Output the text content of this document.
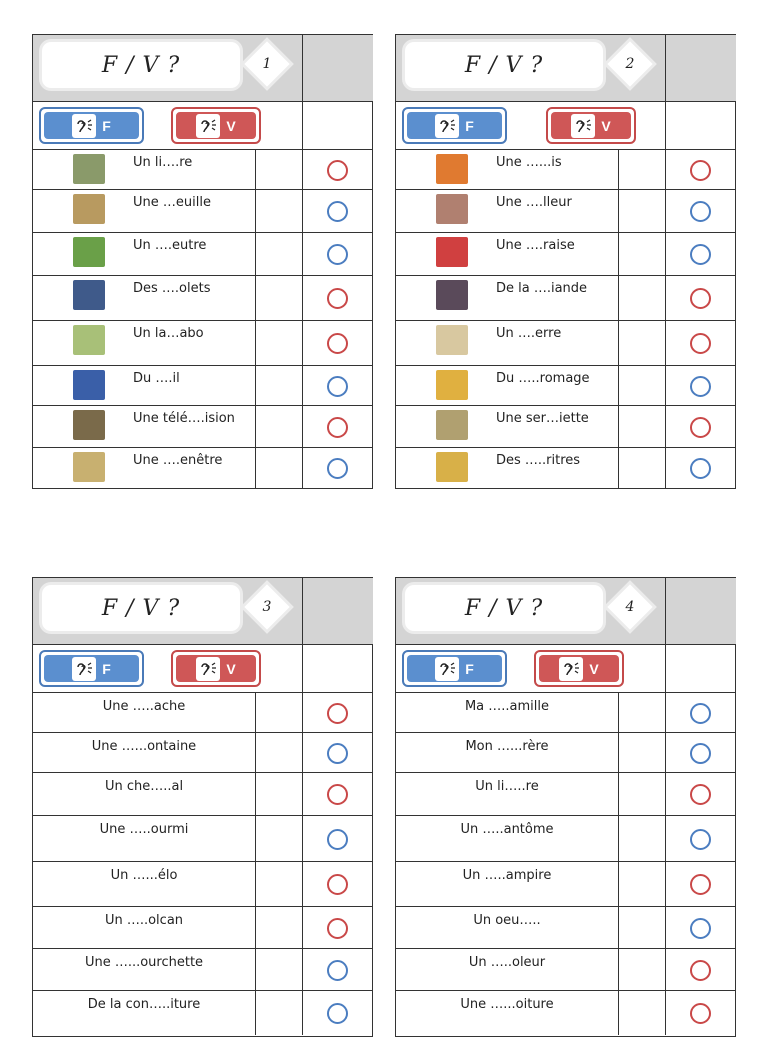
F / V ?	1
F	V
Un li….re
Une …euille
Un ….eutre
Des ….olets
Un la…abo
Du ….il
Une télé….ision
Une ….enêtre
F / V ?	2
F	V
Une …...is
Une ….lleur
Une ….raise
De la ….iande
Un ….erre
Du …..romage
Une ser…iette
Des …..ritres
F / V ?	3
F	V
Une …..ache
Une …...ontaine
Un che…..al
Une …..ourmi
Un …...élo
Un …..olcan
Une …...ourchette
De la con…..iture
F / V ?	4
F	V
Ma …..amille
Mon …...rère
Un li…..re
Un …..antôme
Un …..ampire
Un oeu…..
Un …..oleur
Une …...oiture
